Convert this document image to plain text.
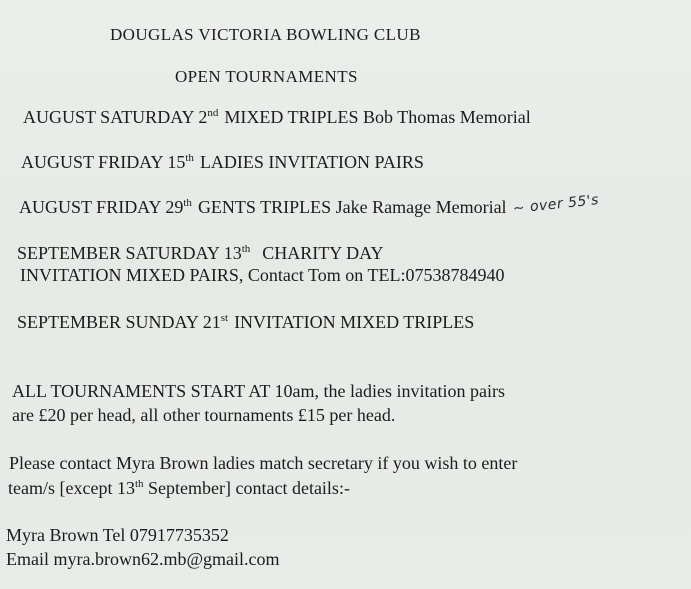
DOUGLAS VICTORIA BOWLING CLUB
OPEN TOURNAMENTS
AUGUST SATURDAY 2nd MIXED TRIPLES Bob Thomas Memorial
AUGUST FRIDAY 15th LADIES INVITATION PAIRS
AUGUST FRIDAY 29th GENTS TRIPLES Jake Ramage Memorial ~ over 55's
SEPTEMBER SATURDAY 13th CHARITY DAY
INVITATION MIXED PAIRS, Contact Tom on TEL:07538784940
SEPTEMBER SUNDAY 21st INVITATION MIXED TRIPLES
ALL TOURNAMENTS START AT 10am, the ladies invitation pairs
are £20 per head, all other tournaments £15 per head.
Please contact Myra Brown ladies match secretary if you wish to enter
team/s [except 13th September] contact details:-
Myra Brown Tel 07917735352
Email myra.brown62.mb@gmail.com
